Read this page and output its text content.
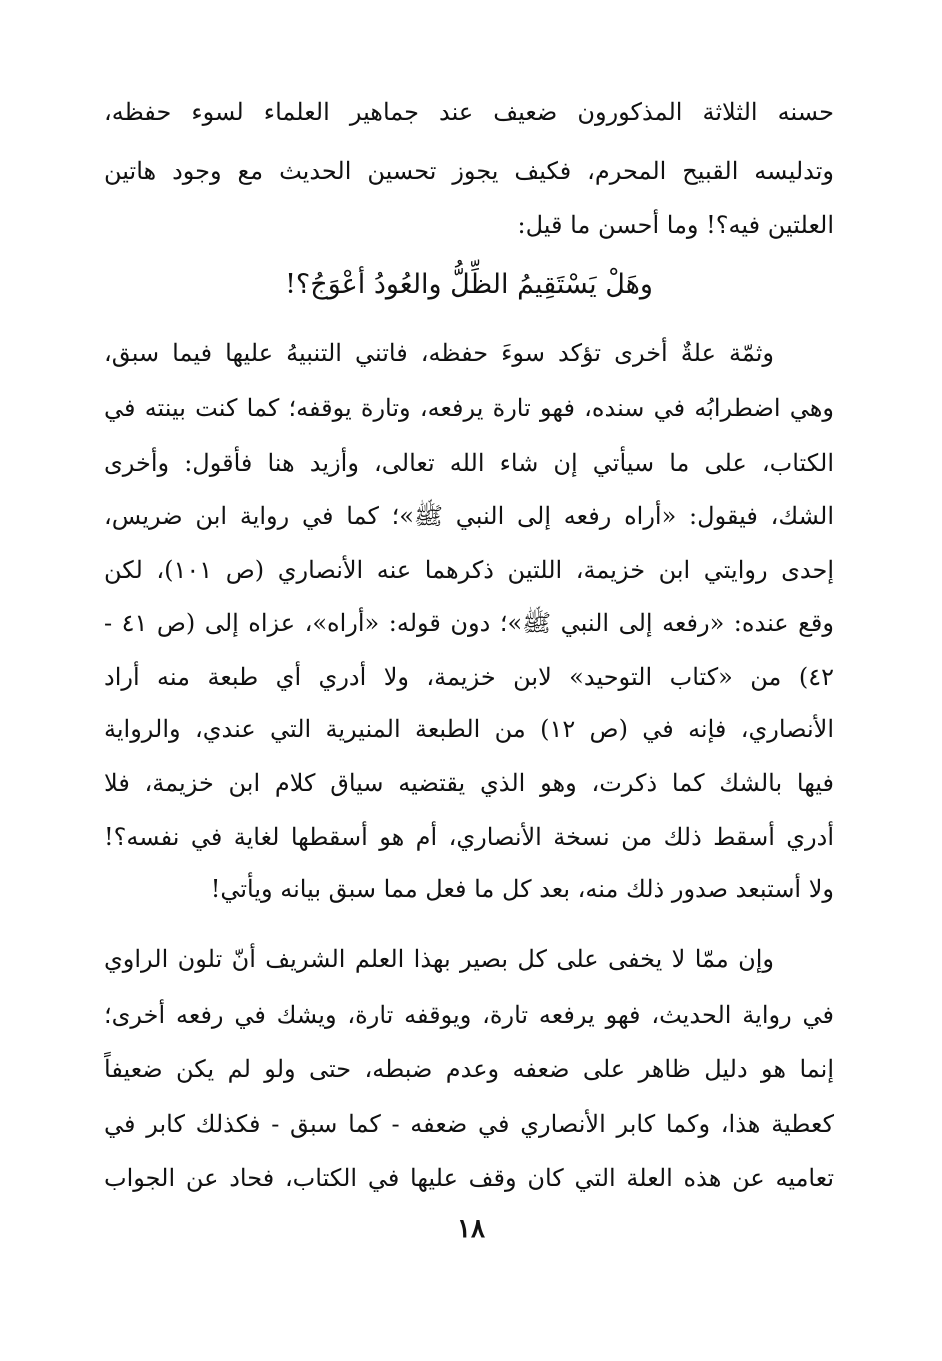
حسنه الثلاثة المذكورون ضعيف عند جماهير العلماء لسوء حفظه،
وتدليسه القبيح المحرم، فكيف يجوز تحسين الحديث مع وجود هاتين
العلتين فيه؟! وما أحسن ما قيل:
وهَلْ يَسْتَقِيمُ الظِّلُّ والعُودُ أعْوَجُ؟!
وثمّة علةٌ أخرى تؤكد سوءَ حفظه، فاتني التنبيهُ عليها فيما سبق،
وهي اضطرابُه في سنده، فهو تارة يرفعه، وتارة يوقفه؛ كما كنت بينته في
الكتاب، على ما سيأتي إن شاء الله تعالى، وأزيد هنا فأقول: وأخرى
الشك، فيقول: «أراه رفعه إلى النبي ﷺ»؛ كما في رواية ابن ضريس،
إحدى روايتي ابن خزيمة، اللتين ذكرهما عنه الأنصاري (ص ١٠١)، لكن
وقع عنده: «رفعه إلى النبي ﷺ»؛ دون قوله: «أراه»، عزاه إلى (ص ٤١ -
٤٢) من «كتاب التوحيد» لابن خزيمة، ولا أدري أي طبعة منه أراد
الأنصاري، فإنه في (ص ١٢) من الطبعة المنيرية التي عندي، والرواية
فيها بالشك كما ذكرت، وهو الذي يقتضيه سياق كلام ابن خزيمة، فلا
أدري أسقط ذلك من نسخة الأنصاري، أم هو أسقطها لغاية في نفسه؟!
ولا أستبعد صدور ذلك منه، بعد كل ما فعل مما سبق بيانه ويأتي!
وإن ممّا لا يخفى على كل بصير بهذا العلم الشريف أنّ تلون الراوي
في رواية الحديث، فهو يرفعه تارة، ويوقفه تارة، ويشك في رفعه أخرى؛
إنما هو دليل ظاهر على ضعفه وعدم ضبطه، حتى ولو لم يكن ضعيفاً
كعطية هذا، وكما كابر الأنصاري في ضعفه - كما سبق - فكذلك كابر في
تعاميه عن هذه العلة التي كان وقف عليها في الكتاب، فحاد عن الجواب
١٨
